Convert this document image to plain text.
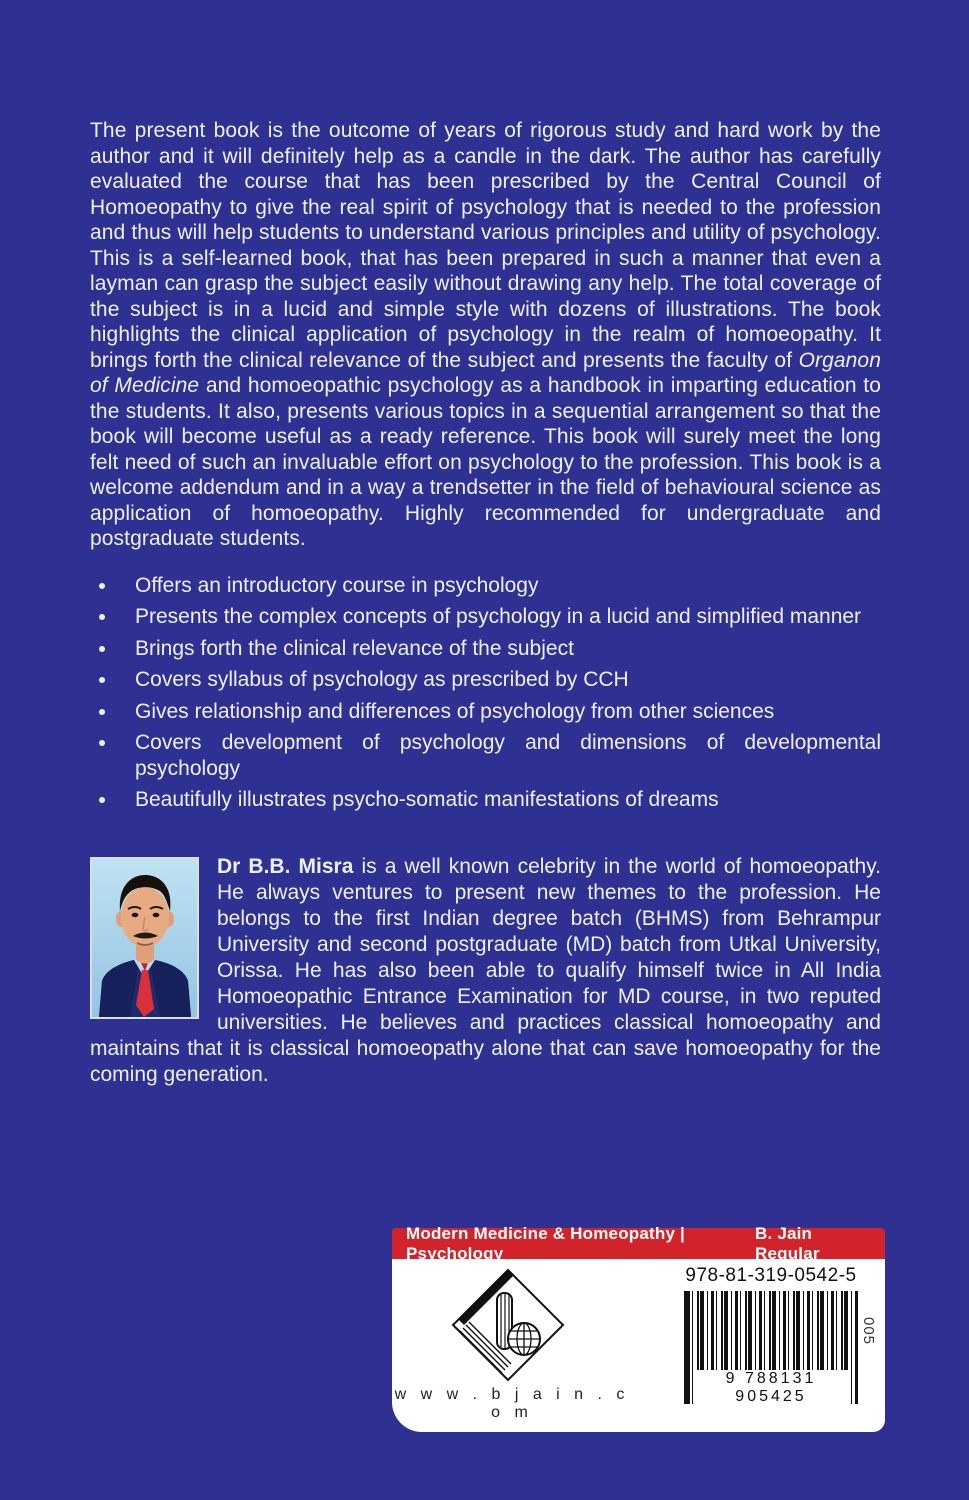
The present book is the outcome of years of rigorous study and hard work by the author and it will definitely help as a candle in the dark. The author has carefully evaluated the course that has been prescribed by the Central Council of Homoeopathy to give the real spirit of psychology that is needed to the profession and thus will help students to understand various principles and utility of psychology. This is a self-learned book, that has been prepared in such a manner that even a layman can grasp the subject easily without drawing any help. The total coverage of the subject is in a lucid and simple style with dozens of illustrations. The book highlights the clinical application of psychology in the realm of homoeopathy. It brings forth the clinical relevance of the subject and presents the faculty of Organon of Medicine and homoeopathic psychology as a handbook in imparting education to the students. It also, presents various topics in a sequential arrangement so that the book will become useful as a ready reference. This book will surely meet the long felt need of such an invaluable effort on psychology to the profession. This book is a welcome addendum and in a way a trendsetter in the field of behavioural science as application of homoeopathy. Highly recommended for undergraduate and postgraduate students.

Offers an introductory course in psychology
Presents the complex concepts of psychology in a lucid and simplified manner
Brings forth the clinical relevance of the subject
Covers syllabus of psychology as prescribed by CCH
Gives relationship and differences of psychology from other sciences
Covers development of psychology and dimensions of developmental psychology
Beautifully illustrates psycho-somatic manifestations of dreams
Dr B.B. Misra is a well known celebrity in the world of homoeopathy. He always ventures to present new themes to the profession. He belongs to the first Indian degree batch (BHMS) from Behrampur University and second postgraduate (MD) batch from Utkal University, Orissa. He has also been able to qualify himself twice in All India Homoeopathic Entrance Examination for MD course, in two reputed universities. He believes and practices classical homoeopathy and maintains that it is classical homoeopathy alone that can save homoeopathy for the coming generation.
Modern Medicine & Homeopathy | Psychology
B. Jain Regular
w w w . b j a i n . c o m
978-81-319-0542-5
9 788131 905425
005
